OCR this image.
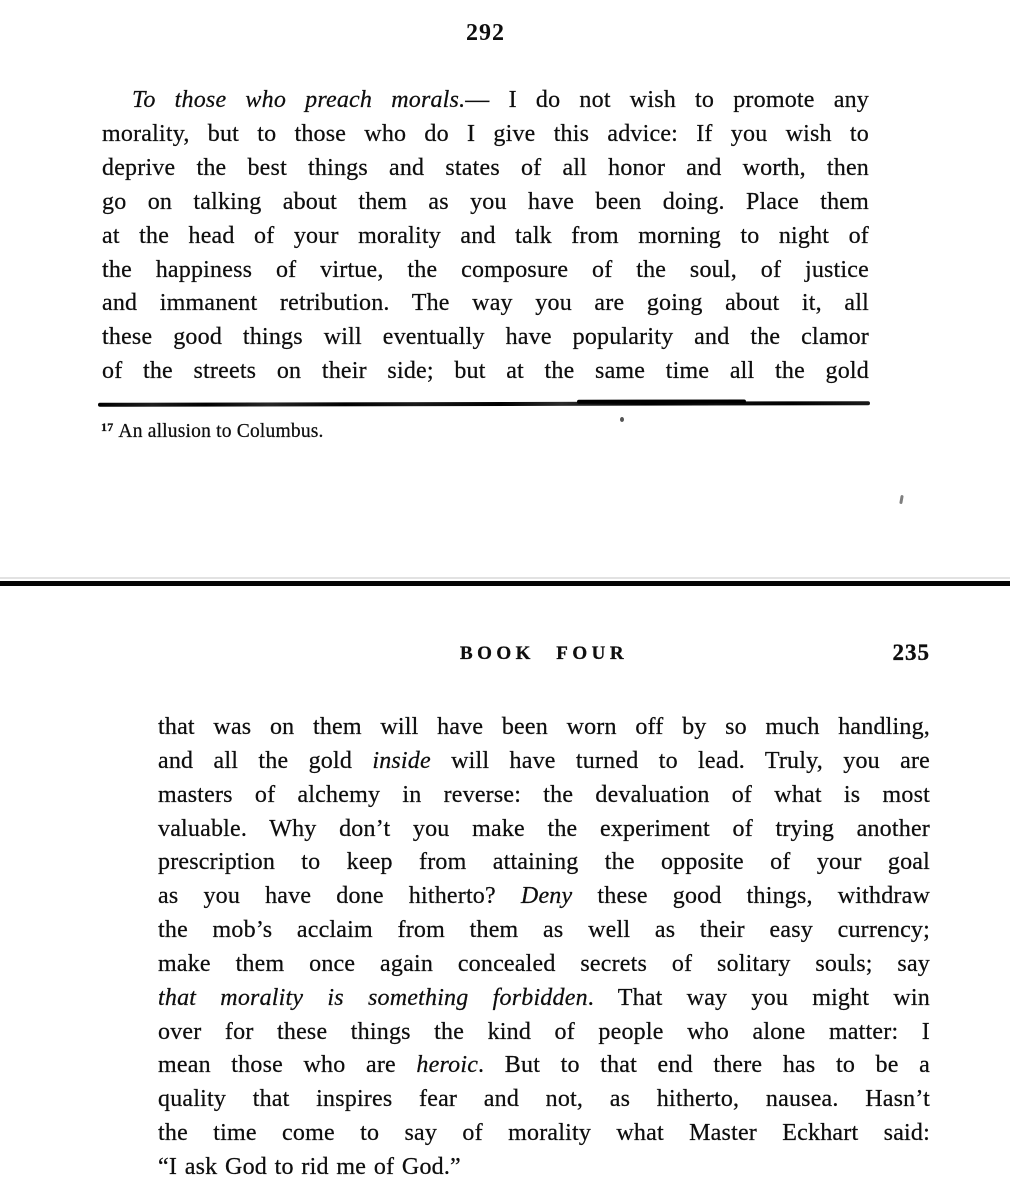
292
To those who preach morals.— I do not wish to promote any
morality, but to those who do I give this advice: If you wish to
deprive the best things and states of all honor and worth, then
go on talking about them as you have been doing. Place them
at the head of your morality and talk from morning to night of
the happiness of virtue, the composure of the soul, of justice
and immanent retribution. The way you are going about it, all
these good things will eventually have popularity and the clamor
of the streets on their side; but at the same time all the gold
$^{17}$ An allusion to Columbus.
BOOK FOUR	235
that was on them will have been worn off by so much handling,
and all the gold inside will have turned to lead. Truly, you are
masters of alchemy in reverse: the devaluation of what is most
valuable. Why don’t you make the experiment of trying another
prescription to keep from attaining the opposite of your goal
as you have done hitherto? Deny these good things, withdraw
the mob’s acclaim from them as well as their easy currency;
make them once again concealed secrets of solitary souls; say
that morality is something forbidden. That way you might win
over for these things the kind of people who alone matter: I
mean those who are heroic. But to that end there has to be a
quality that inspires fear and not, as hitherto, nausea. Hasn’t
the time come to say of morality what Master Eckhart said:
“I ask God to rid me of God.”
